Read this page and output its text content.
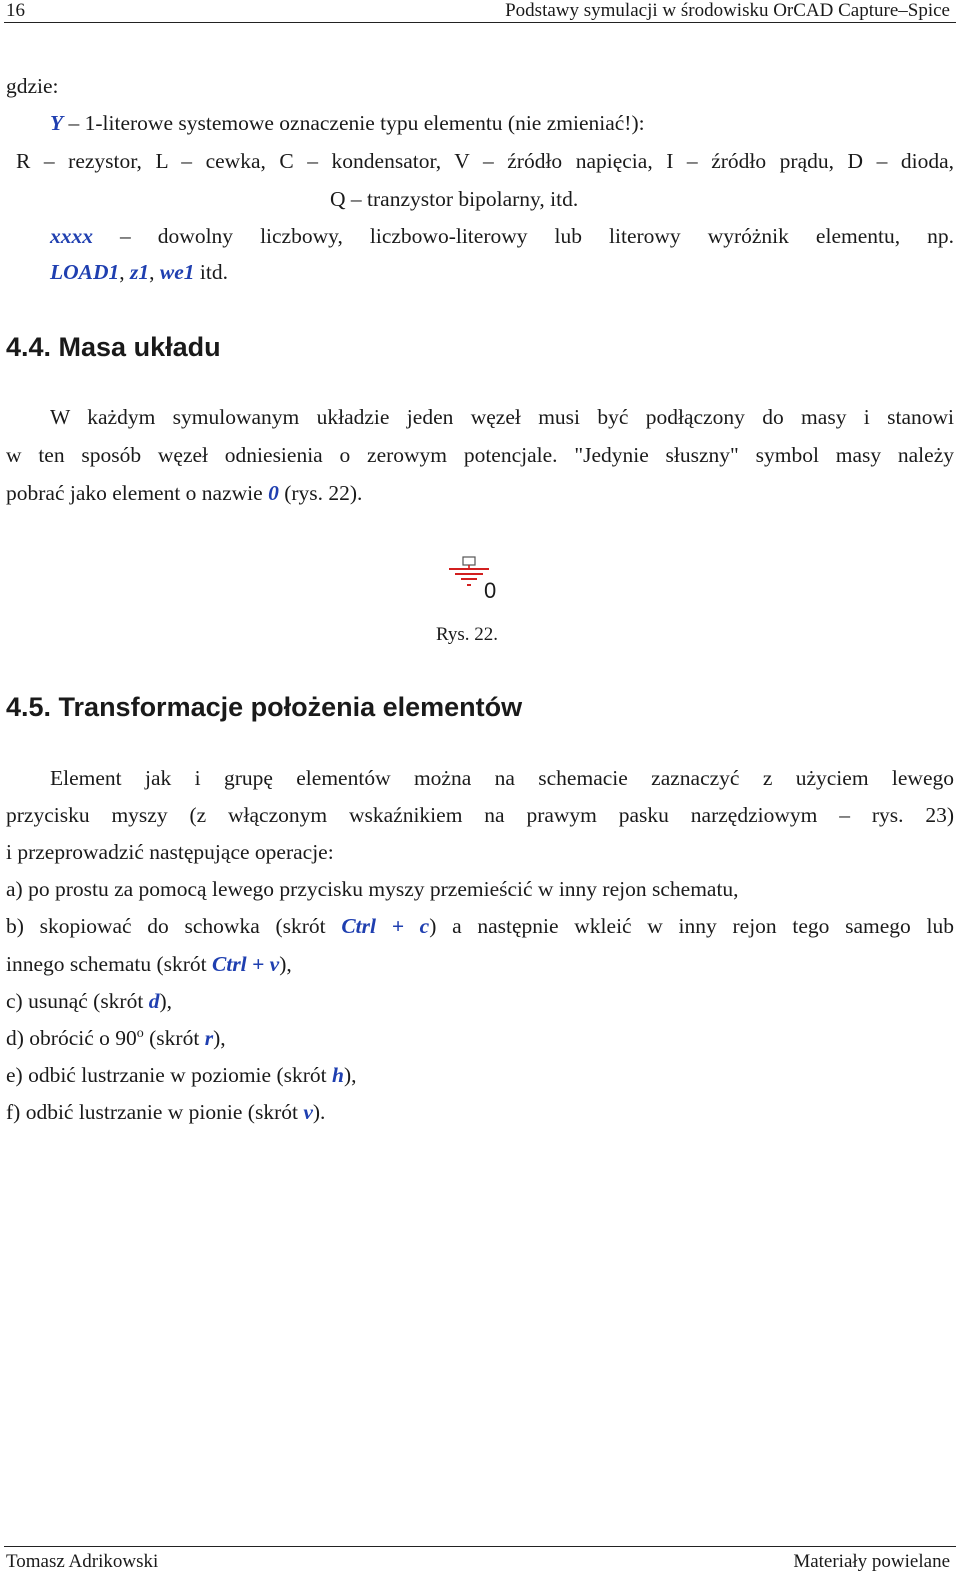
16	Podstawy symulacji w środowisku OrCAD Capture–Spice
gdzie:
Y – 1-literowe systemowe oznaczenie typu elementu (nie zmieniać!):
R – rezystor, L – cewka, C – kondensator, V – źródło napięcia, I – źródło prądu, D – dioda,
Q – tranzystor bipolarny, itd.
xxxx – dowolny liczbowy, liczbowo-literowy lub literowy wyróżnik elementu, np.
LOAD1, z1, we1 itd.
4.4. Masa układu
W każdym symulowanym układzie jeden węzeł musi być podłączony do masy i stanowi
w ten sposób węzeł odniesienia o zerowym potencjale. "Jedynie słuszny" symbol masy należy
pobrać jako element o nazwie 0 (rys. 22).
0
Rys. 22.
4.5. Transformacje położenia elementów
Element jak i grupę elementów można na schemacie zaznaczyć z użyciem lewego
przycisku myszy (z włączonym wskaźnikiem na prawym pasku narzędziowym – rys. 23)
i przeprowadzić następujące operacje:
a) po prostu za pomocą lewego przycisku myszy przemieścić w inny rejon schematu,
b) skopiować do schowka (skrót Ctrl + c) a następnie wkleić w inny rejon tego samego lub
innego schematu (skrót Ctrl + v),
c) usunąć (skrót d),
d) obrócić o 90$^o$ (skrót r),
e) odbić lustrzanie w poziomie (skrót h),
f) odbić lustrzanie w pionie (skrót v).
Tomasz Adrikowski	Materiały powielane
